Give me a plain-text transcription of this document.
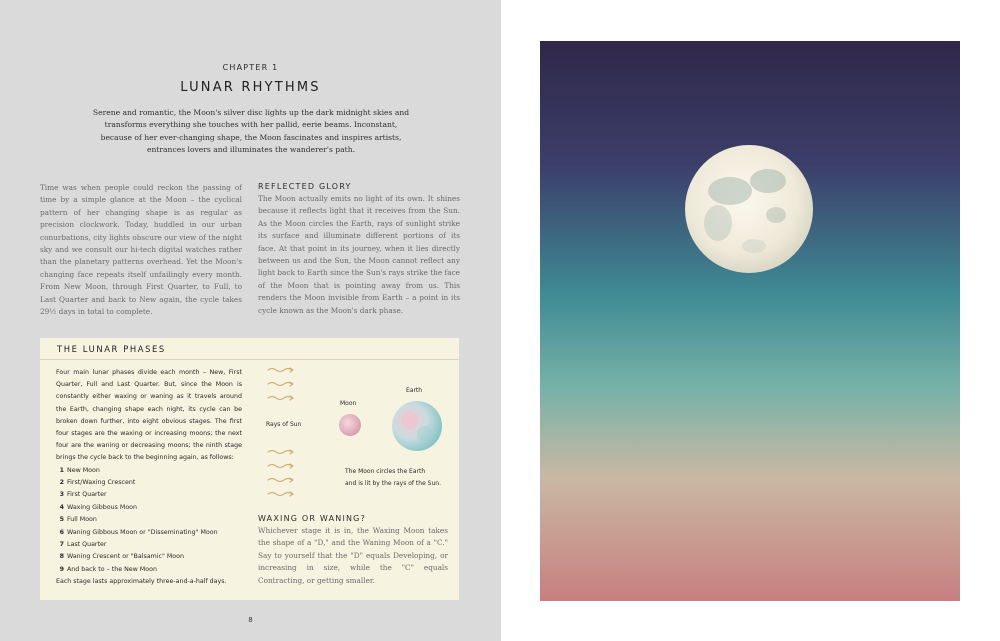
CHAPTER 1
LUNAR RHYTHMS
Serene and romantic, the Moon's silver disc lights up the dark midnight skies and transforms everything she touches with her pallid, eerie beams. Inconstant, because of her ever-changing shape, the Moon fascinates and inspires artists, entrances lovers and illuminates the wanderer's path.
Time was when people could reckon the passing of time by a simple glance at the Moon – the cyclical pattern of her changing shape is as regular as precision clockwork. Today, huddled in our urban conurbations, city lights obscure our view of the night sky and we consult our hi-tech digital watches rather than the planetary patterns overhead. Yet the Moon's changing face repeats itself unfailingly every month. From New Moon, through First Quarter, to Full, to Last Quarter and back to New again, the cycle takes 29½ days in total to complete.
REFLECTED GLORY

The Moon actually emits no light of its own. It shines because it reflects light that it receives from the Sun. As the Moon circles the Earth, rays of sunlight strike its surface and illuminate different portions of its face. At that point in its journey, when it lies directly between us and the Sun, the Moon cannot reflect any light back to Earth since the Sun's rays strike the face of the Moon that is pointing away from us. This renders the Moon invisible from Earth – a point in its cycle known as the Moon's dark phase.

THE LUNAR PHASES

Four main lunar phases divide each month – New, First Quarter, Full and Last Quarter. But, since the Moon is constantly either waxing or waning as it travels around the Earth, changing shape each night, its cycle can be broken down further, into eight obvious stages. The first four stages are the waxing or increasing moons; the next four are the waning or decreasing moons; the ninth stage brings the cycle back to the beginning again, as follows:

1 New Moon
2 First/Waxing Crescent
3 First Quarter
4 Waxing Gibbous Moon
5 Full Moon
6 Waning Gibbous Moon or "Disseminating" Moon
7 Last Quarter
8 Waning Crescent or "Balsamic" Moon
9 And back to – the New Moon
Each stage lasts approximately three-and-a-half days.
Rays of Sun
Moon
Earth
The Moon circles the Earth
and is lit by the rays of the Sun.
WAXING OR WANING?

Whichever stage it is in, the Waxing Moon takes the shape of a "D," and the Waning Moon of a "C." Say to yourself that the "D" equals Developing, or increasing in size, while the "C" equals Contracting, or getting smaller.

8
